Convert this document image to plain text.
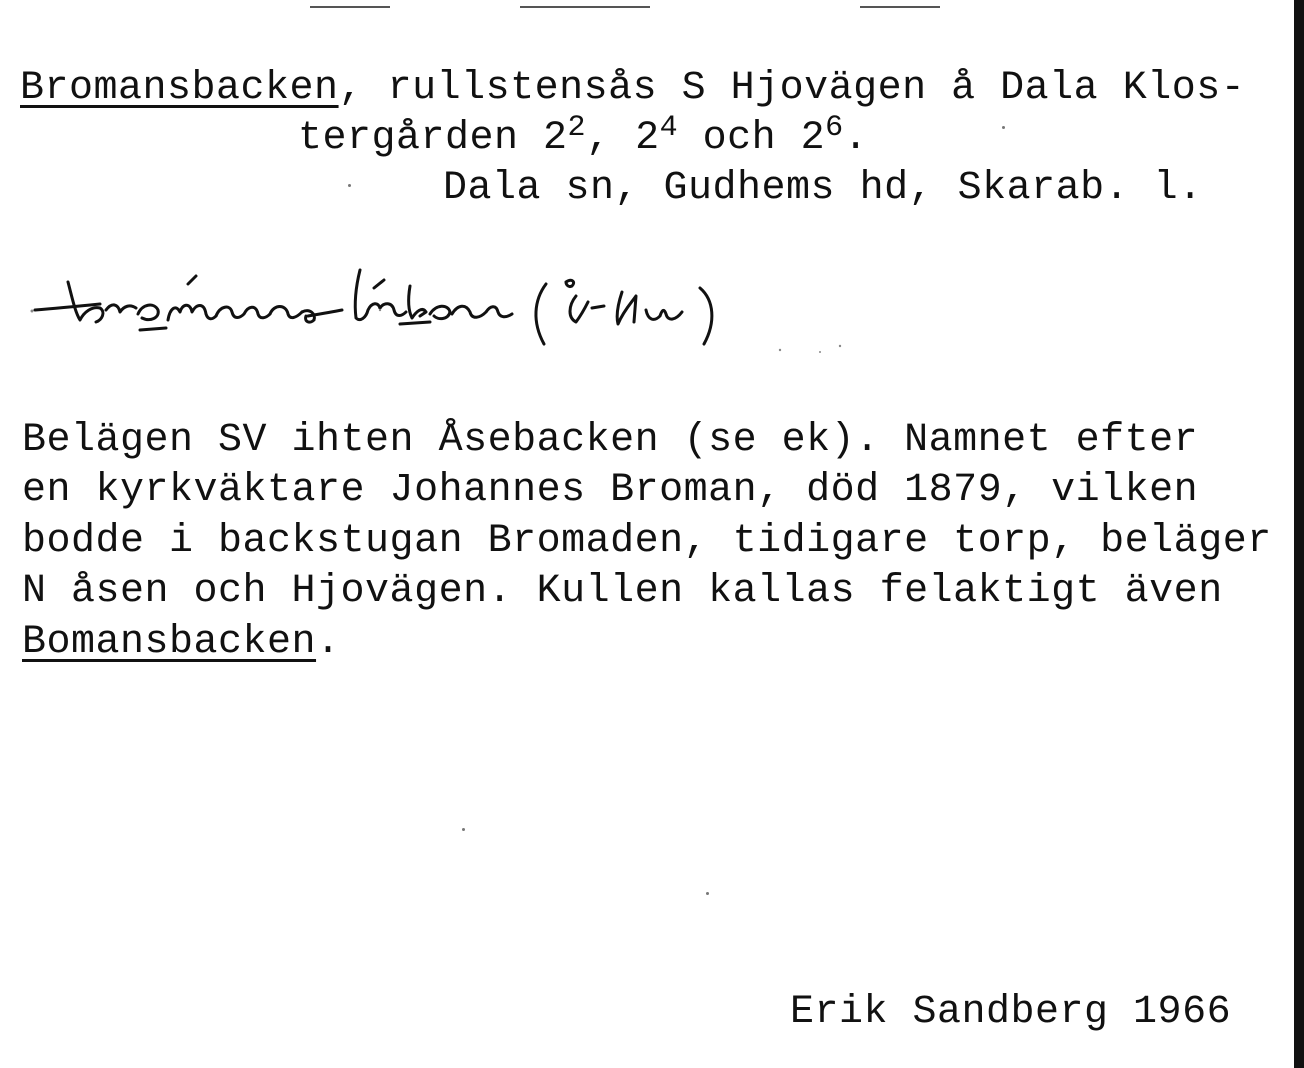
Bromansbacken, rullstensås S Hjovägen å Dala Klos-
tergården $2^2$, $2^4$ och $2^6$.
Dala sn, Gudhems hd, Skarab. l.
Belägen SV ihten Åsebacken (se ek). Namnet efter
en kyrkväktare Johannes Broman, död 1879, vilken
bodde i backstugan Bromaden, tidigare torp, beläger
N åsen och Hjovägen. Kullen kallas felaktigt även
Bomansbacken.
Erik Sandberg 1966
